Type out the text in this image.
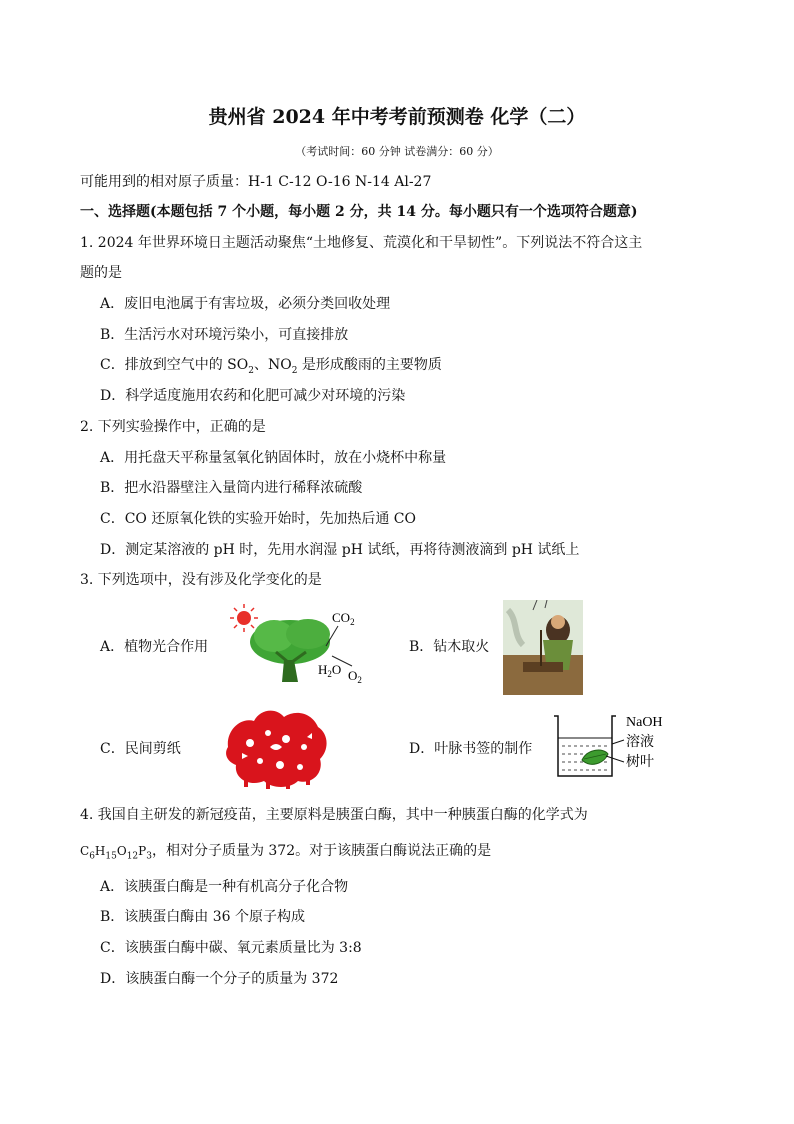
贵州省 2024 年中考考前预测卷 化学（二）
（考试时间：60 分钟 试卷满分：60 分）
可能用到的相对原子质量：H-1 C-12 O-16 N-14 Al-27
一、选择题(本题包括 7 个小题，每小题 2 分，共 14 分。每小题只有一个选项符合题意)
1. 2024 年世界环境日主题活动聚焦“土地修复、荒漠化和干旱韧性”。下列说法不符合这主
题的是
A．废旧电池属于有害垃圾，必须分类回收处理
B．生活污水对环境污染小，可直接排放
C．排放到空气中的 $SO_2$、$NO_2$ 是形成酸雨的主要物质
D．科学适度施用农药和化肥可减少对环境的污染
2. 下列实验操作中，正确的是
A．用托盘天平称量氢氧化钠固体时，放在小烧杯中称量
B．把水沿器壁注入量筒内进行稀释浓硫酸
C．CO 还原氧化铁的实验开始时，先加热后通 CO
D．测定某溶液的 pH 时，先用水润湿 pH 试纸，再将待测液滴到 pH 试纸上
3. 下列选项中，没有涉及化学变化的是
A．植物光合作用
$CO_2$
$H_2O$ $O_2$
B．钻木取火
C．民间剪纸	D．叶脉书签的制作
NaOH
溶液
树叶
4. 我国自主研发的新冠疫苗，主要原料是胰蛋白酶，其中一种胰蛋白酶的化学式为
$C_6H_{15}O_{12}P_3$，相对分子质量为 372。对于该胰蛋白酶说法正确的是
A．该胰蛋白酶是一种有机高分子化合物
B．该胰蛋白酶由 36 个原子构成
C．该胰蛋白酶中碳、氧元素质量比为 3:8
D．该胰蛋白酶一个分子的质量为 372
